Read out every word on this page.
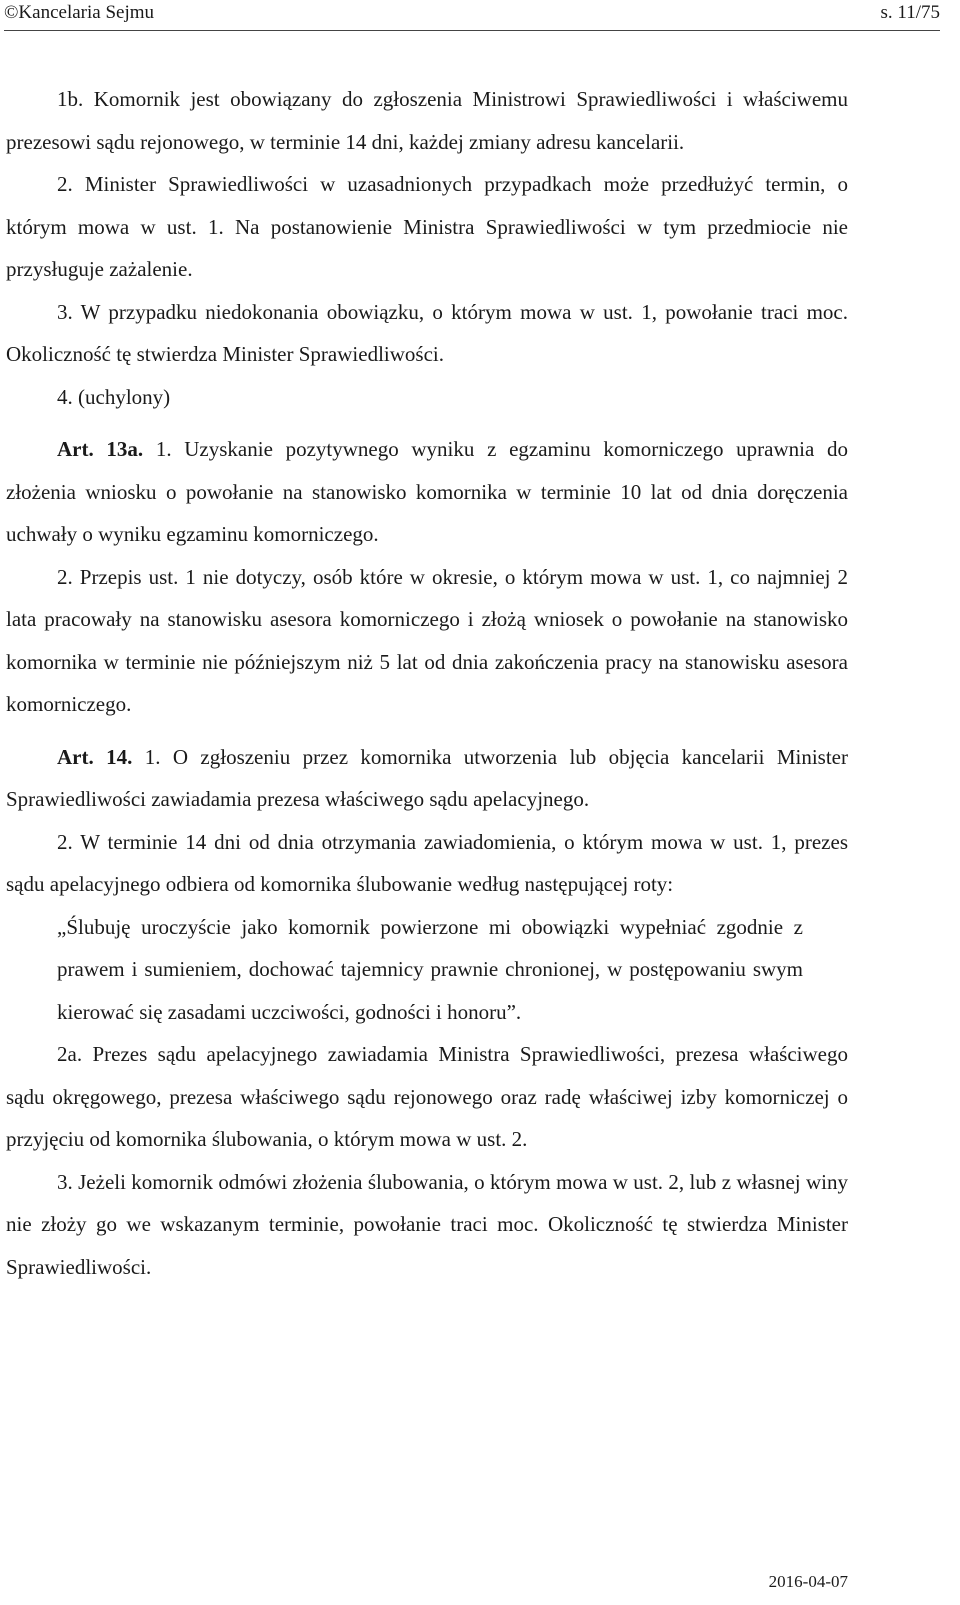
©Kancelaria Sejmu	s. 11/75

1b. Komornik jest obowiązany do zgłoszenia Ministrowi Sprawiedliwości i właściwemu prezesowi sądu rejonowego, w terminie 14 dni, każdej zmiany adresu kancelarii.

2. Minister Sprawiedliwości w uzasadnionych przypadkach może przedłużyć termin, o którym mowa w ust. 1. Na postanowienie Ministra Sprawiedliwości w tym przedmiocie nie przysługuje zażalenie.

3. W przypadku niedokonania obowiązku, o którym mowa w ust. 1, powołanie traci moc. Okoliczność tę stwierdza Minister Sprawiedliwości.

4. (uchylony)

Art. 13a. 1. Uzyskanie pozytywnego wyniku z egzaminu komorniczego uprawnia do złożenia wniosku o powołanie na stanowisko komornika w terminie 10 lat od dnia doręczenia uchwały o wyniku egzaminu komorniczego.

2. Przepis ust. 1 nie dotyczy, osób które w okresie, o którym mowa w ust. 1, co najmniej 2 lata pracowały na stanowisku asesora komorniczego i złożą wniosek o powołanie na stanowisko komornika w terminie nie późniejszym niż 5 lat od dnia zakończenia pracy na stanowisku asesora komorniczego.

Art. 14. 1. O zgłoszeniu przez komornika utworzenia lub objęcia kancelarii Minister Sprawiedliwości zawiadamia prezesa właściwego sądu apelacyjnego.

2. W terminie 14 dni od dnia otrzymania zawiadomienia, o którym mowa w ust. 1, prezes sądu apelacyjnego odbiera od komornika ślubowanie według następującej roty:

„Ślubuję uroczyście jako komornik powierzone mi obowiązki wypełniać zgodnie z prawem i sumieniem, dochować tajemnicy prawnie chronionej, w postępowaniu swym kierować się zasadami uczciwości, godności i honoru”.

2a. Prezes sądu apelacyjnego zawiadamia Ministra Sprawiedliwości, prezesa właściwego sądu okręgowego, prezesa właściwego sądu rejonowego oraz radę właściwej izby komorniczej o przyjęciu od komornika ślubowania, o którym mowa w ust. 2.

3. Jeżeli komornik odmówi złożenia ślubowania, o którym mowa w ust. 2, lub z własnej winy nie złoży go we wskazanym terminie, powołanie traci moc. Okoliczność tę stwierdza Minister Sprawiedliwości.

2016-04-07
